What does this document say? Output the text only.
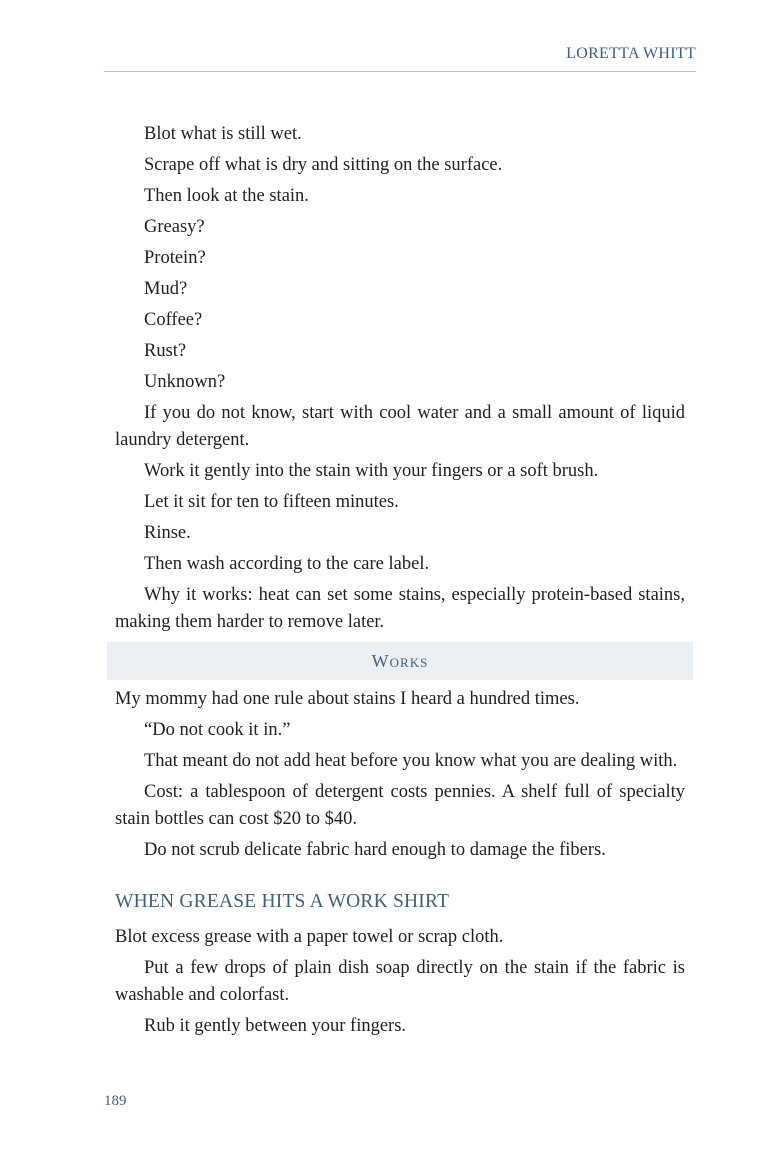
LORETTA WHITT

Blot what is still wet.

Scrape off what is dry and sitting on the surface.

Then look at the stain.

Greasy?

Protein?

Mud?

Coffee?

Rust?

Unknown?

If you do not know, start with cool water and a small amount of liquid laundry detergent.

Work it gently into the stain with your fingers or a soft brush.

Let it sit for ten to fifteen minutes.

Rinse.

Then wash according to the care label.

Why it works: heat can set some stains, especially protein-based stains, making them harder to remove later.

Works

My mommy had one rule about stains I heard a hundred times.

“Do not cook it in.”

That meant do not add heat before you know what you are dealing with.

Cost: a tablespoon of detergent costs pennies. A shelf full of specialty stain bottles can cost $20 to $40.

Do not scrub delicate fabric hard enough to damage the fibers.

WHEN GREASE HITS A WORK SHIRT

Blot excess grease with a paper towel or scrap cloth.

Put a few drops of plain dish soap directly on the stain if the fabric is washable and colorfast.

Rub it gently between your fingers.

189
